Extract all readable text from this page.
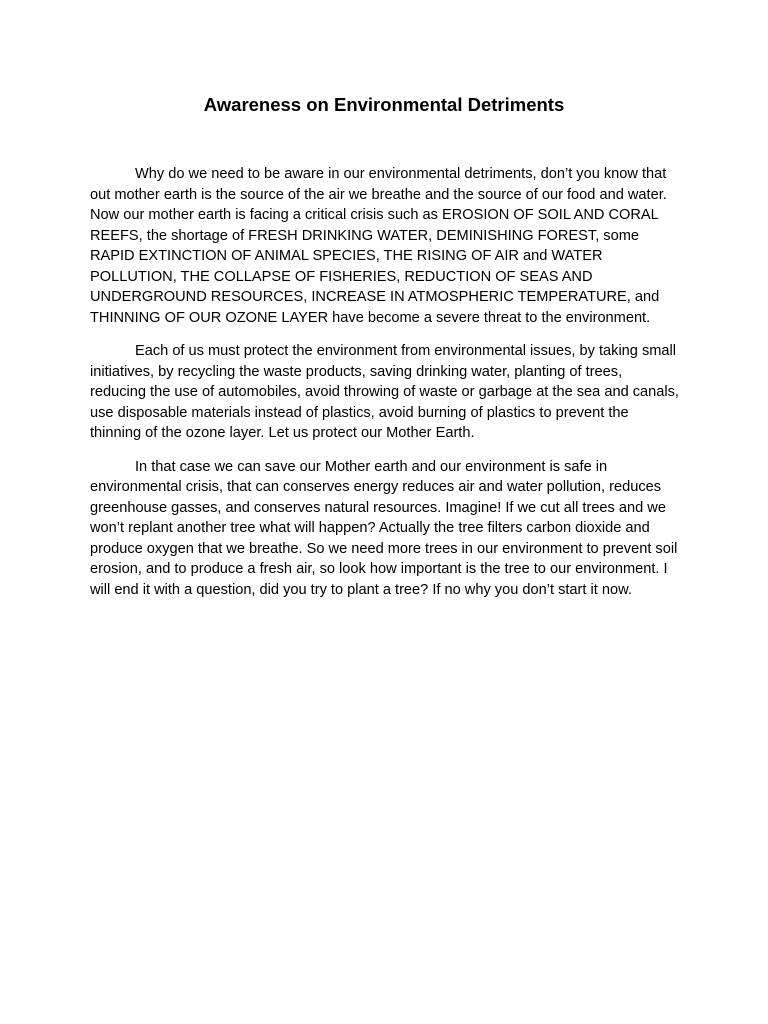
Awareness on Environmental Detriments

Why do we need to be aware in our environmental detriments, don’t you know that out mother earth is the source of the air we breathe and the source of our food and water. Now our mother earth is facing a critical crisis such as EROSION OF SOIL AND CORAL REEFS, the shortage of FRESH DRINKING WATER, DEMINISHING FOREST, some RAPID EXTINCTION OF ANIMAL SPECIES, THE RISING OF AIR and WATER POLLUTION, THE COLLAPSE OF FISHERIES, REDUCTION OF SEAS AND UNDERGROUND RESOURCES, INCREASE IN ATMOSPHERIC TEMPERATURE, and THINNING OF OUR OZONE LAYER have become a severe threat to the environment.

Each of us must protect the environment from environmental issues, by taking small initiatives, by recycling the waste products, saving drinking water, planting of trees, reducing the use of automobiles, avoid throwing of waste or garbage at the sea and canals, use disposable materials instead of plastics, avoid burning of plastics to prevent the thinning of the ozone layer. Let us protect our Mother Earth.

In that case we can save our Mother earth and our environment is safe in environmental crisis, that can conserves energy reduces air and water pollution, reduces greenhouse gasses, and conserves natural resources. Imagine! If we cut all trees and we won’t replant another tree what will happen? Actually the tree filters carbon dioxide and produce oxygen that we breathe. So we need more trees in our environment to prevent soil erosion, and to produce a fresh air, so look how important is the tree to our environment. I will end it with a question, did you try to plant a tree? If no why you don’t start it now.
